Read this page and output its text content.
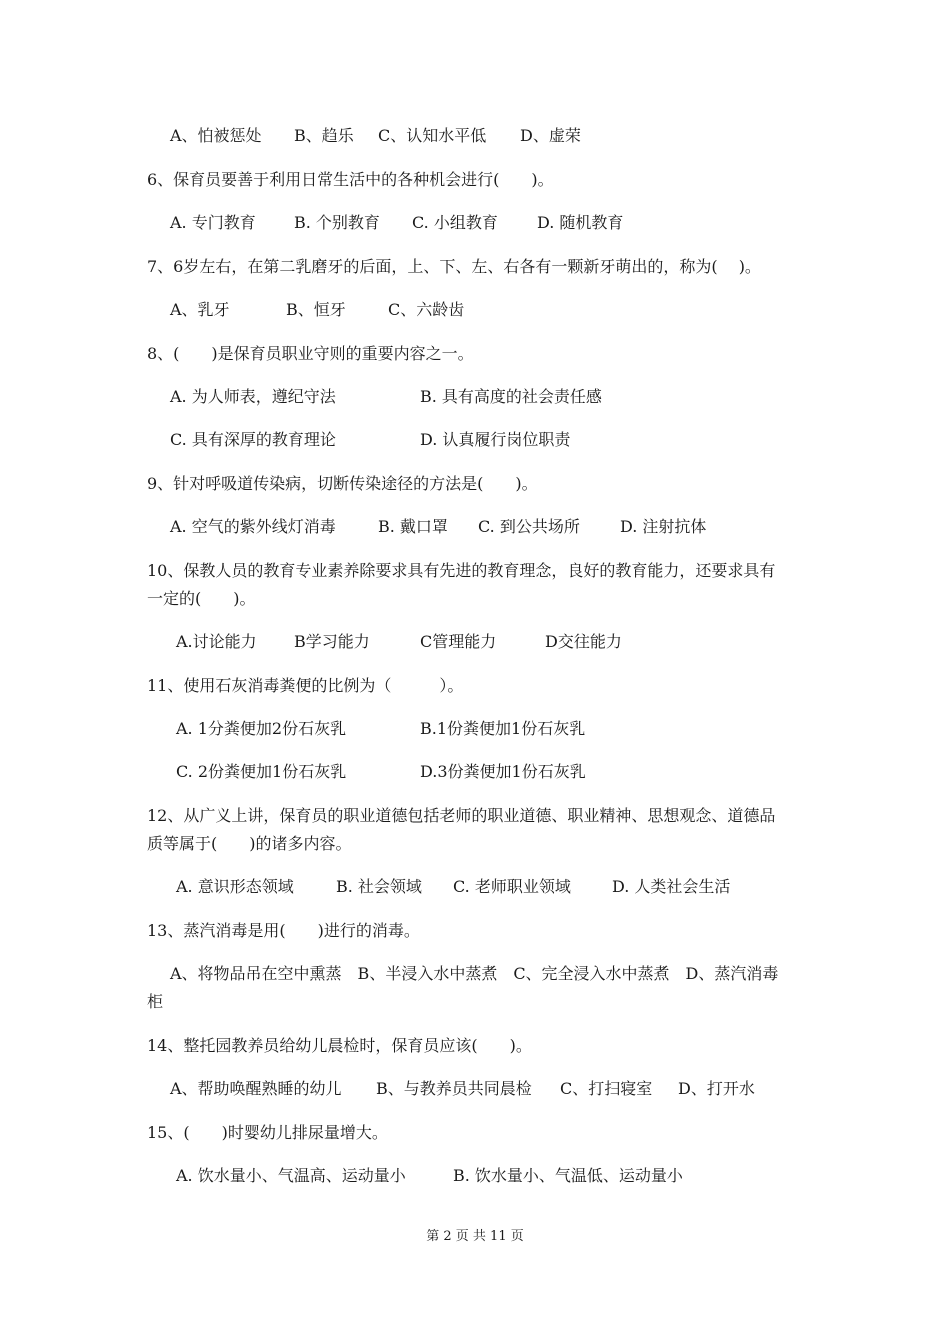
A、怕被惩处 B、趋乐 C、认知水平低 D、虚荣
6、保育员要善于利用日常生活中的各种机会进行(　　)。
A. 专门教育 B. 个别教育 C. 小组教育 D. 随机教育
7、6岁左右，在第二乳磨牙的后面，上、下、左、右各有一颗新牙萌出的，称为(　 )。
A、乳牙	B、恒牙	C、六龄齿
8、(　　)是保育员职业守则的重要内容之一。
A. 为人师表，遵纪守法	B. 具有高度的社会责任感
C. 具有深厚的教育理论	D. 认真履行岗位职责
9、针对呼吸道传染病，切断传染途径的方法是(　　)。
A. 空气的紫外线灯消毒	B. 戴口罩 C. 到公共场所	D. 注射抗体
10、保教人员的教育专业素养除要求具有先进的教育理念，良好的教育能力，还要求具有
一定的(　　)。
A.讨论能力 B学习能力	C管理能力	D交往能力
11、使用石灰消毒粪便的比例为（　　　）。
A. 1分粪便加2份石灰乳	B.1份粪便加1份石灰乳
C. 2份粪便加1份石灰乳	D.3份粪便加1份石灰乳
12、从广义上讲，保育员的职业道德包括老师的职业道德、职业精神、思想观念、道德品
质等属于(　　)的诸多内容。
A. 意识形态领域	B. 社会领域 C. 老师职业领域	D. 人类社会生活
13、蒸汽消毒是用(　　)进行的消毒。
A、将物品吊在空中熏蒸　B、半浸入水中蒸煮　C、完全浸入水中蒸煮　D、蒸汽消毒
柜
14、整托园教养员给幼儿晨检时，保育员应该(　　)。
A、帮助唤醒熟睡的幼儿 B、与教养员共同晨检 C、打扫寝室 D、打开水
15、(　　)时婴幼儿排尿量增大。
A. 饮水量小、气温高、运动量小	B. 饮水量小、气温低、运动量小
第 2 页 共 11 页
